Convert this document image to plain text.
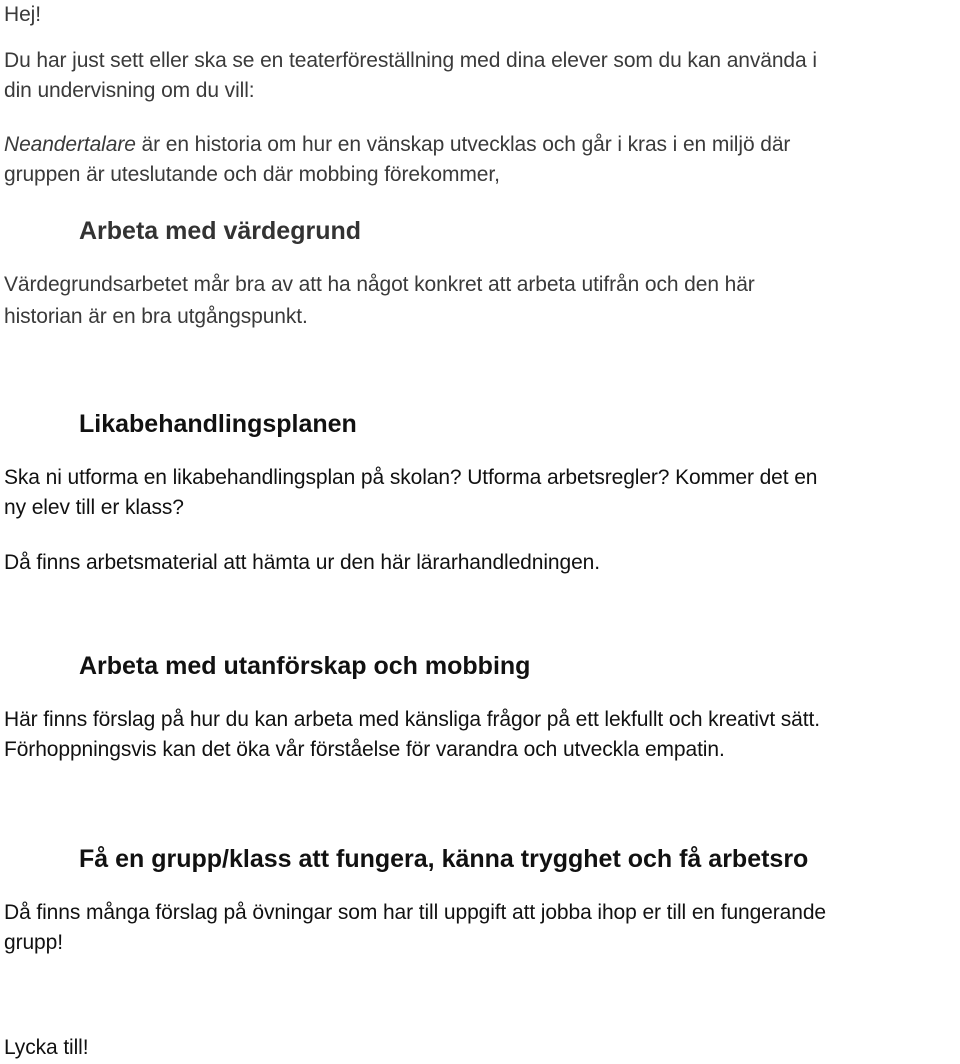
Hej!

Du har just sett eller ska se en teaterföreställning med dina elever som du kan använda i

din undervisning om du vill:

Neandertalare är en historia om hur en vänskap utvecklas och går i kras i en miljö där

gruppen är uteslutande och där mobbing förekommer,

Arbeta med värdegrund

Värdegrundsarbetet mår bra av att ha något konkret att arbeta utifrån och den här

historian är en bra utgångspunkt.

Likabehandlingsplanen

Ska ni utforma en likabehandlingsplan på skolan? Utforma arbetsregler? Kommer det en

ny elev till er klass?

Då finns arbetsmaterial att hämta ur den här lärarhandledningen.

Arbeta med utanförskap och mobbing

Här finns förslag på hur du kan arbeta med känsliga frågor på ett lekfullt och kreativt sätt.

Förhoppningsvis kan det öka vår förståelse för varandra och utveckla empatin.

Få en grupp/klass att fungera, känna trygghet och få arbetsro

Då finns många förslag på övningar som har till uppgift att jobba ihop er till en fungerande

grupp!

Lycka till!
